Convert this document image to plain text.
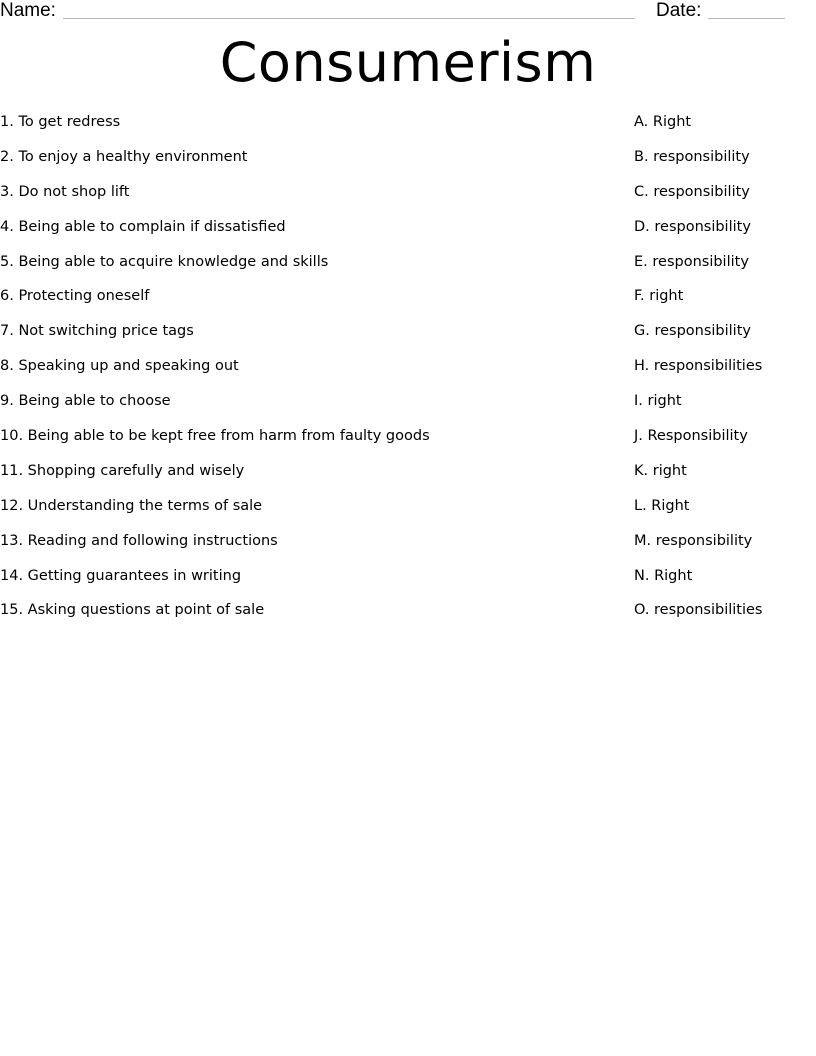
Name:	Date:
Consumerism
1. To get redress	A. Right
2. To enjoy a healthy environment	B. responsibility
3. Do not shop lift	C. responsibility
4. Being able to complain if dissatisfied	D. responsibility
5. Being able to acquire knowledge and skills	E. responsibility
6. Protecting oneself	F. right
7. Not switching price tags	G. responsibility
8. Speaking up and speaking out	H. responsibilities
9. Being able to choose	I. right
10. Being able to be kept free from harm from faulty goods	J. Responsibility
11. Shopping carefully and wisely	K. right
12. Understanding the terms of sale	L. Right
13. Reading and following instructions	M. responsibility
14. Getting guarantees in writing	N. Right
15. Asking questions at point of sale	O. responsibilities
